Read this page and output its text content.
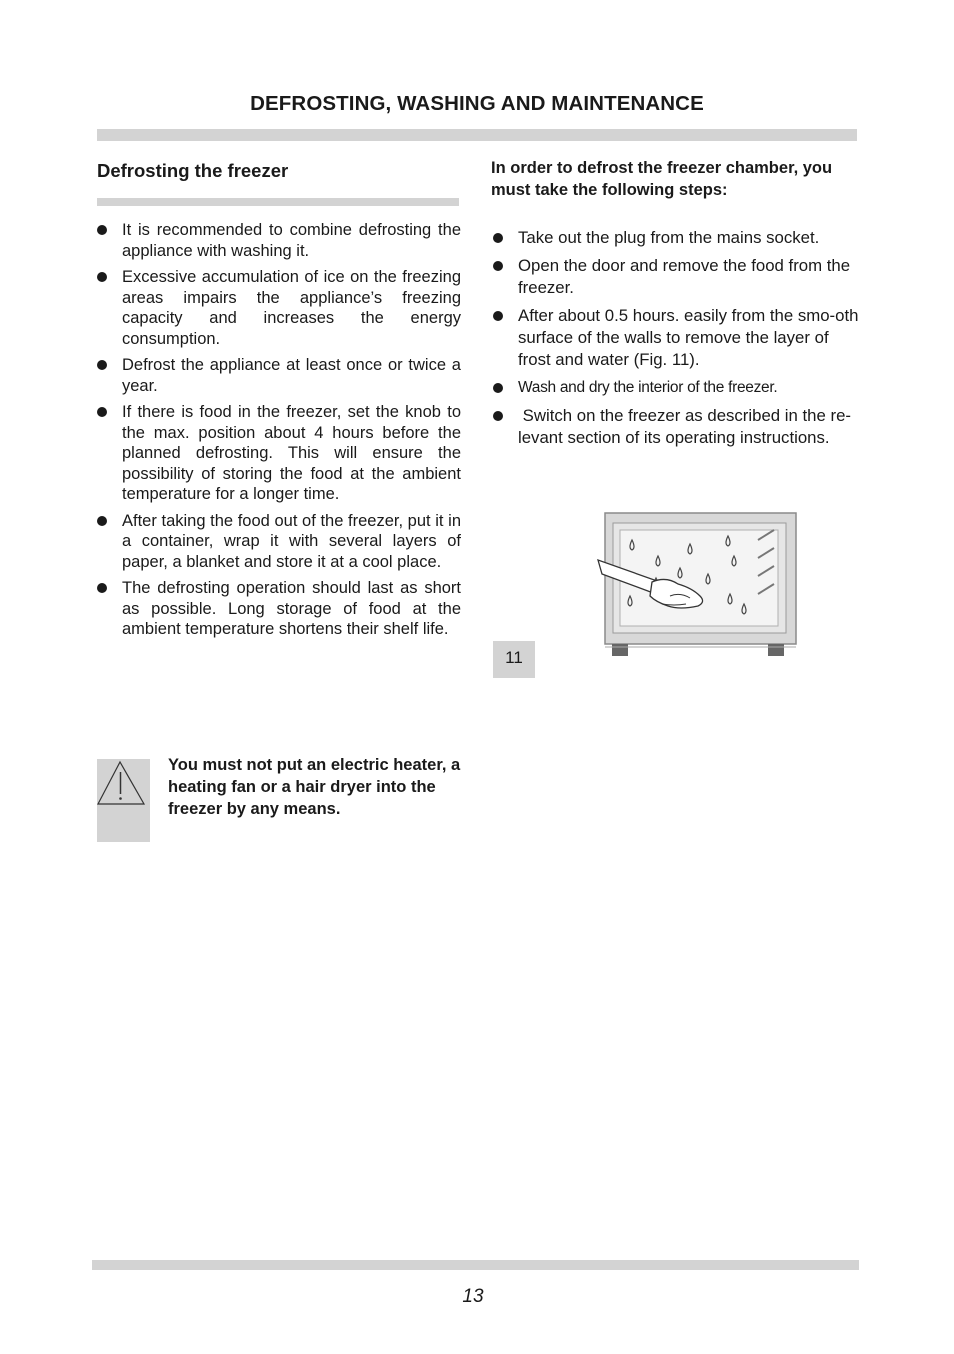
DEFROSTING, WASHING AND MAINTENANCE
Defrosting the freezer
It is recommended to combine defrosting the appliance with washing it.
Excessive accumulation of ice on the freezing areas impairs the appliance’s freezing capacity and increases the energy consumption.
Defrost the appliance at least once or twice a year.
If there is food in the freezer, set the knob to the max. position about 4 hours before the planned defrosting. This will ensure the possibility of storing the food at the ambient temperature for a longer time.
After taking the food out of the freezer, put it in a container, wrap it with several layers of paper, a blanket and store it at a cool place.
The defrosting operation should last as short as possible. Long storage of food at the ambient temperature shortens their shelf life.
You must not put an electric heater, a heating fan or a hair dryer into the freezer by any means.
In order to defrost the freezer chamber, you must take the following steps:
Take out the plug from the mains socket.
Open the door and remove the food from the freezer.
After about 0.5 hours. easily from the smo-oth surface of the walls to remove the layer of frost and water (Fig. 11).
Wash and dry the interior of the freezer.
Switch on the freezer as described in the re-levant section of its operating instructions.
11
13
